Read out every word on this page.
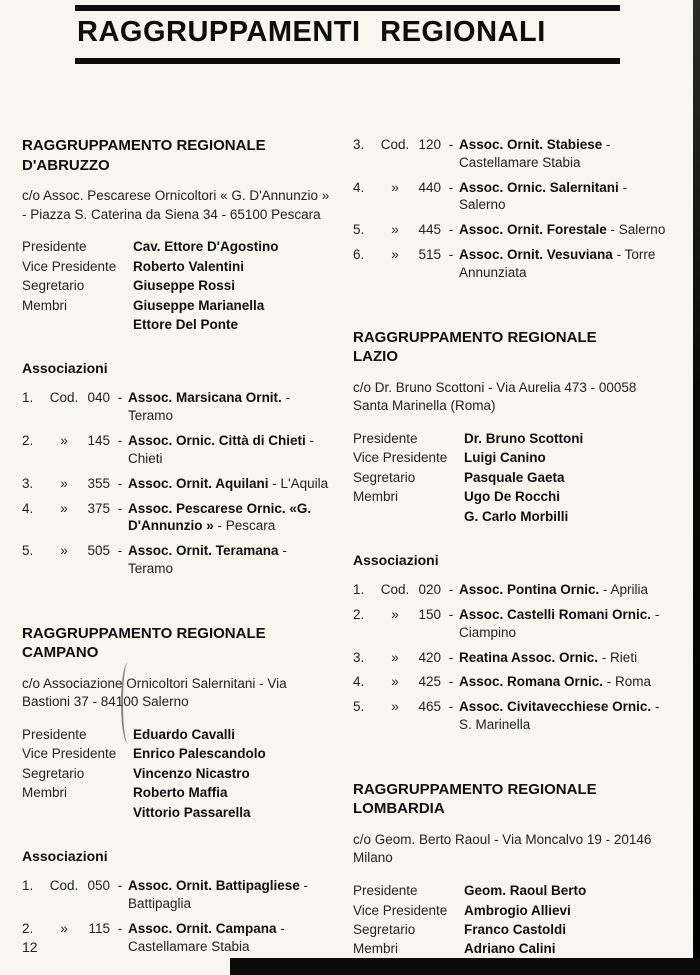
RAGGRUPPAMENTI REGIONALI
RAGGRUPPAMENTO REGIONALE
D'ABRUZZO

c/o Assoc. Pescarese Ornicoltori « G. D'Annunzio » - Piazza S. Caterina da Siena 34 - 65100 Pescara

Presidente	Cav. Ettore D'Agostino
Vice Presidente	Roberto Valentini
Segretario	Giuseppe Rossi
Membri	Giuseppe Marianella
Ettore Del Ponte
Associazioni
1.	Cod. 040 - Assoc. Marsicana Ornit. - Teramo
2.	»	145 - Assoc. Ornic. Città di Chieti - Chieti
3.	»	355 - Assoc. Ornit. Aquilani - L'Aquila
4.	»	375 - Assoc. Pescarese Ornic. «G. D'Annunzio » - Pescara
5.	»	505 - Assoc. Ornit. Teramana - Teramo
RAGGRUPPAMENTO REGIONALE
CAMPANO

c/o Associazione Ornicoltori Salernitani - Via Bastioni 37 - 84100 Salerno

Presidente	Eduardo Cavalli
Vice Presidente	Enrico Palescandolo
Segretario	Vincenzo Nicastro
Membri	Roberto Maffia
Vittorio Passarella
Associazioni
1.	Cod. 050 - Assoc. Ornit. Battipagliese - Battipaglia
2.	»	115 - Assoc. Ornit. Campana - Castellamare Stabia
3.	Cod. 120 - Assoc. Ornit. Stabiese - Castellamare Stabia
4.	»	440 - Assoc. Ornic. Salernitani - Salerno
5.	»	445 - Assoc. Ornit. Forestale - Salerno
6.	»	515 - Assoc. Ornit. Vesuviana - Torre Annunziata
RAGGRUPPAMENTO REGIONALE
LAZIO

c/o Dr. Bruno Scottoni - Via Aurelia 473 - 00058 Santa Marinella (Roma)

Presidente	Dr. Bruno Scottoni
Vice Presidente	Luigi Canino
Segretario	Pasquale Gaeta
Membri	Ugo De Rocchi
G. Carlo Morbilli
Associazioni
1.	Cod. 020 - Assoc. Pontina Ornic. - Aprilia
2.	»	150 - Assoc. Castelli Romani Ornic. - Ciampino
3.	»	420 - Reatina Assoc. Ornic. - Rieti
4.	»	425 - Assoc. Romana Ornic. - Roma
5.	»	465 - Assoc. Civitavecchiese Ornic. - S. Marinella
RAGGRUPPAMENTO REGIONALE
LOMBARDIA

c/o Geom. Berto Raoul - Via Moncalvo 19 - 20146 Milano

Presidente	Geom. Raoul Berto
Vice Presidente	Ambrogio Allievi
Segretario	Franco Castoldi
Membri	Adriano Calini
12
